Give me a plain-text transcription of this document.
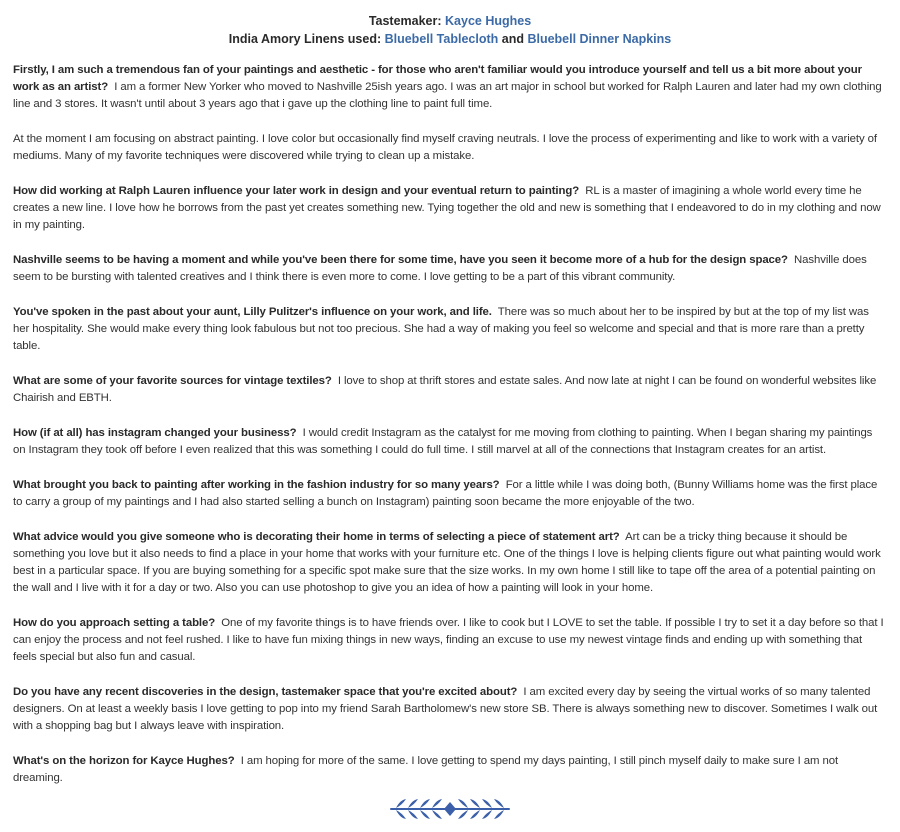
Tastemaker: Kayce Hughes
India Amory Linens used: Bluebell Tablecloth and Bluebell Dinner Napkins

Firstly, I am such a tremendous fan of your paintings and aesthetic - for those who aren't familiar would you introduce yourself and tell us a bit more about your work as an artist? I am a former New Yorker who moved to Nashville 25ish years ago. I was an art major in school but worked for Ralph Lauren and later had my own clothing line and 3 stores. It wasn't until about 3 years ago that i gave up the clothing line to paint full time.

At the moment I am focusing on abstract painting. I love color but occasionally find myself craving neutrals. I love the process of experimenting and like to work with a variety of mediums. Many of my favorite techniques were discovered while trying to clean up a mistake.

How did working at Ralph Lauren influence your later work in design and your eventual return to painting? RL is a master of imagining a whole world every time he creates a new line. I love how he borrows from the past yet creates something new. Tying together the old and new is something that I endeavored to do in my clothing and now in my painting.

Nashville seems to be having a moment and while you've been there for some time, have you seen it become more of a hub for the design space? Nashville does seem to be bursting with talented creatives and I think there is even more to come. I love getting to be a part of this vibrant community.

You've spoken in the past about your aunt, Lilly Pulitzer's influence on your work, and life. There was so much about her to be inspired by but at the top of my list was her hospitality. She would make every thing look fabulous but not too precious. She had a way of making you feel so welcome and special and that is more rare than a pretty table.

What are some of your favorite sources for vintage textiles? I love to shop at thrift stores and estate sales. And now late at night I can be found on wonderful websites like Chairish and EBTH.

How (if at all) has instagram changed your business? I would credit Instagram as the catalyst for me moving from clothing to painting. When I began sharing my paintings on Instagram they took off before I even realized that this was something I could do full time. I still marvel at all of the connections that Instagram creates for an artist.

What brought you back to painting after working in the fashion industry for so many years? For a little while I was doing both, (Bunny Williams home was the first place to carry a group of my paintings and I had also started selling a bunch on Instagram) painting soon became the more enjoyable of the two.

What advice would you give someone who is decorating their home in terms of selecting a piece of statement art? Art can be a tricky thing because it should be something you love but it also needs to find a place in your home that works with your furniture etc. One of the things I love is helping clients figure out what painting would work best in a particular space. If you are buying something for a specific spot make sure that the size works. In my own home I still like to tape off the area of a potential painting on the wall and I live with it for a day or two. Also you can use photoshop to give you an idea of how a painting will look in your home.

How do you approach setting a table? One of my favorite things is to have friends over. I like to cook but I LOVE to set the table. If possible I try to set it a day before so that I can enjoy the process and not feel rushed. I like to have fun mixing things in new ways, finding an excuse to use my newest vintage finds and ending up with something that feels special but also fun and casual.

Do you have any recent discoveries in the design, tastemaker space that you're excited about? I am excited every day by seeing the virtual works of so many talented designers. On at least a weekly basis I love getting to pop into my friend Sarah Bartholomew's new store SB. There is always something new to discover. Sometimes I walk out with a shopping bag but I always leave with inspiration.

What's on the horizon for Kayce Hughes? I am hoping for more of the same. I love getting to spend my days painting, I still pinch myself daily to make sure I am not dreaming.
